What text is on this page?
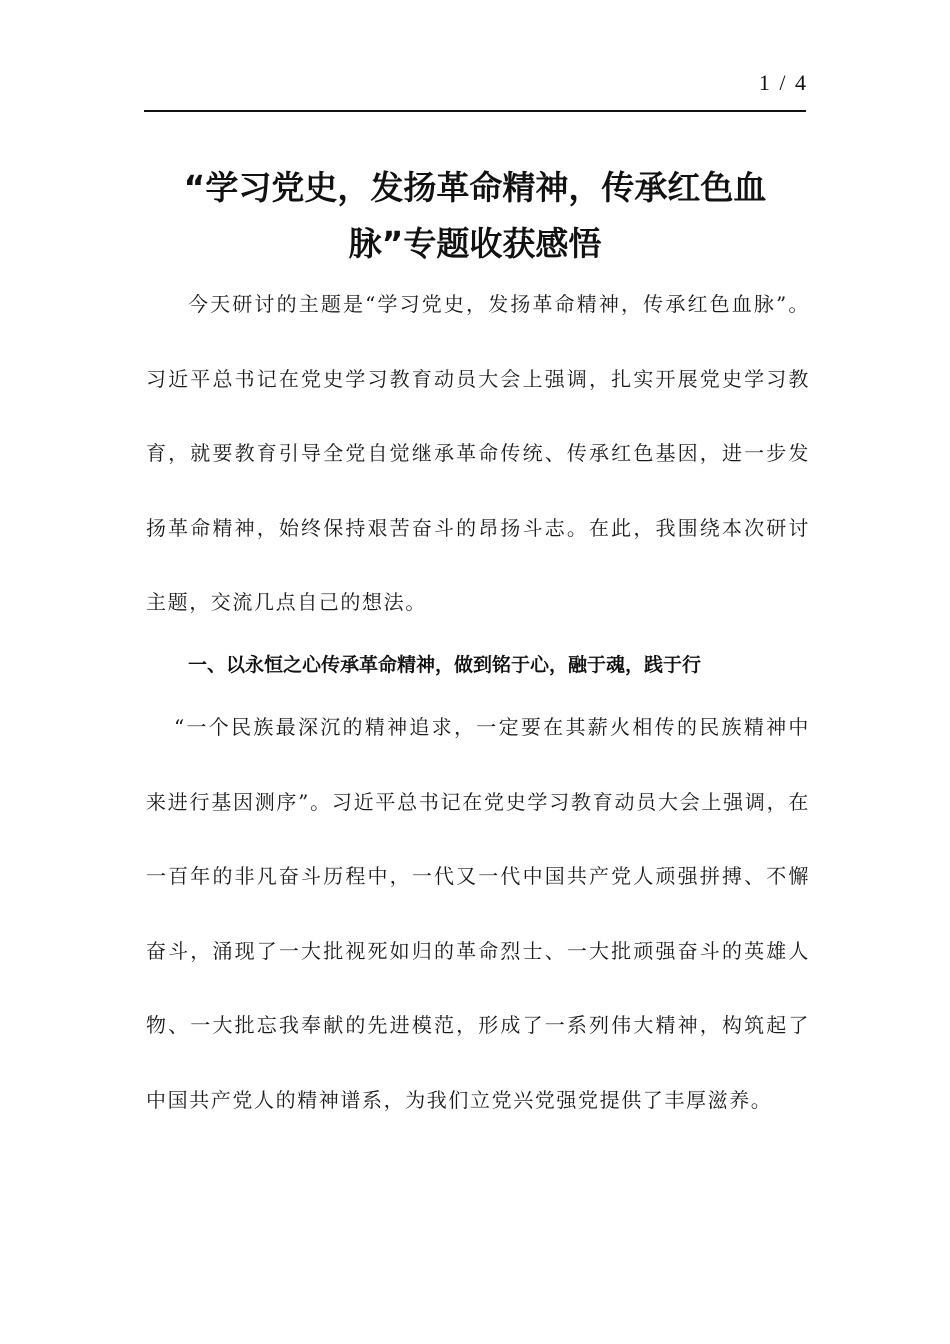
1 / 4
“学习党史，发扬革命精神，传承红色血
脉”专题收获感悟

今天研讨的主题是“学习党史，发扬革命精神，传承红色血脉”。习近平总书记在党史学习教育动员大会上强调，扎实开展党史学习教育，就要教育引导全党自觉继承革命传统、传承红色基因，进一步发扬革命精神，始终保持艰苦奋斗的昂扬斗志。在此，我围绕本次研讨主题，交流几点自己的想法。

一、以永恒之心传承革命精神，做到铭于心，融于魂，践于行

“一个民族最深沉的精神追求，一定要在其薪火相传的民族精神中来进行基因测序”。习近平总书记在党史学习教育动员大会上强调，在一百年的非凡奋斗历程中，一代又一代中国共产党人顽强拼搏、不懈奋斗，涌现了一大批视死如归的革命烈士、一大批顽强奋斗的英雄人物、一大批忘我奉献的先进模范，形成了一系列伟大精神，构筑起了中国共产党人的精神谱系，为我们立党兴党强党提供了丰厚滋养。
